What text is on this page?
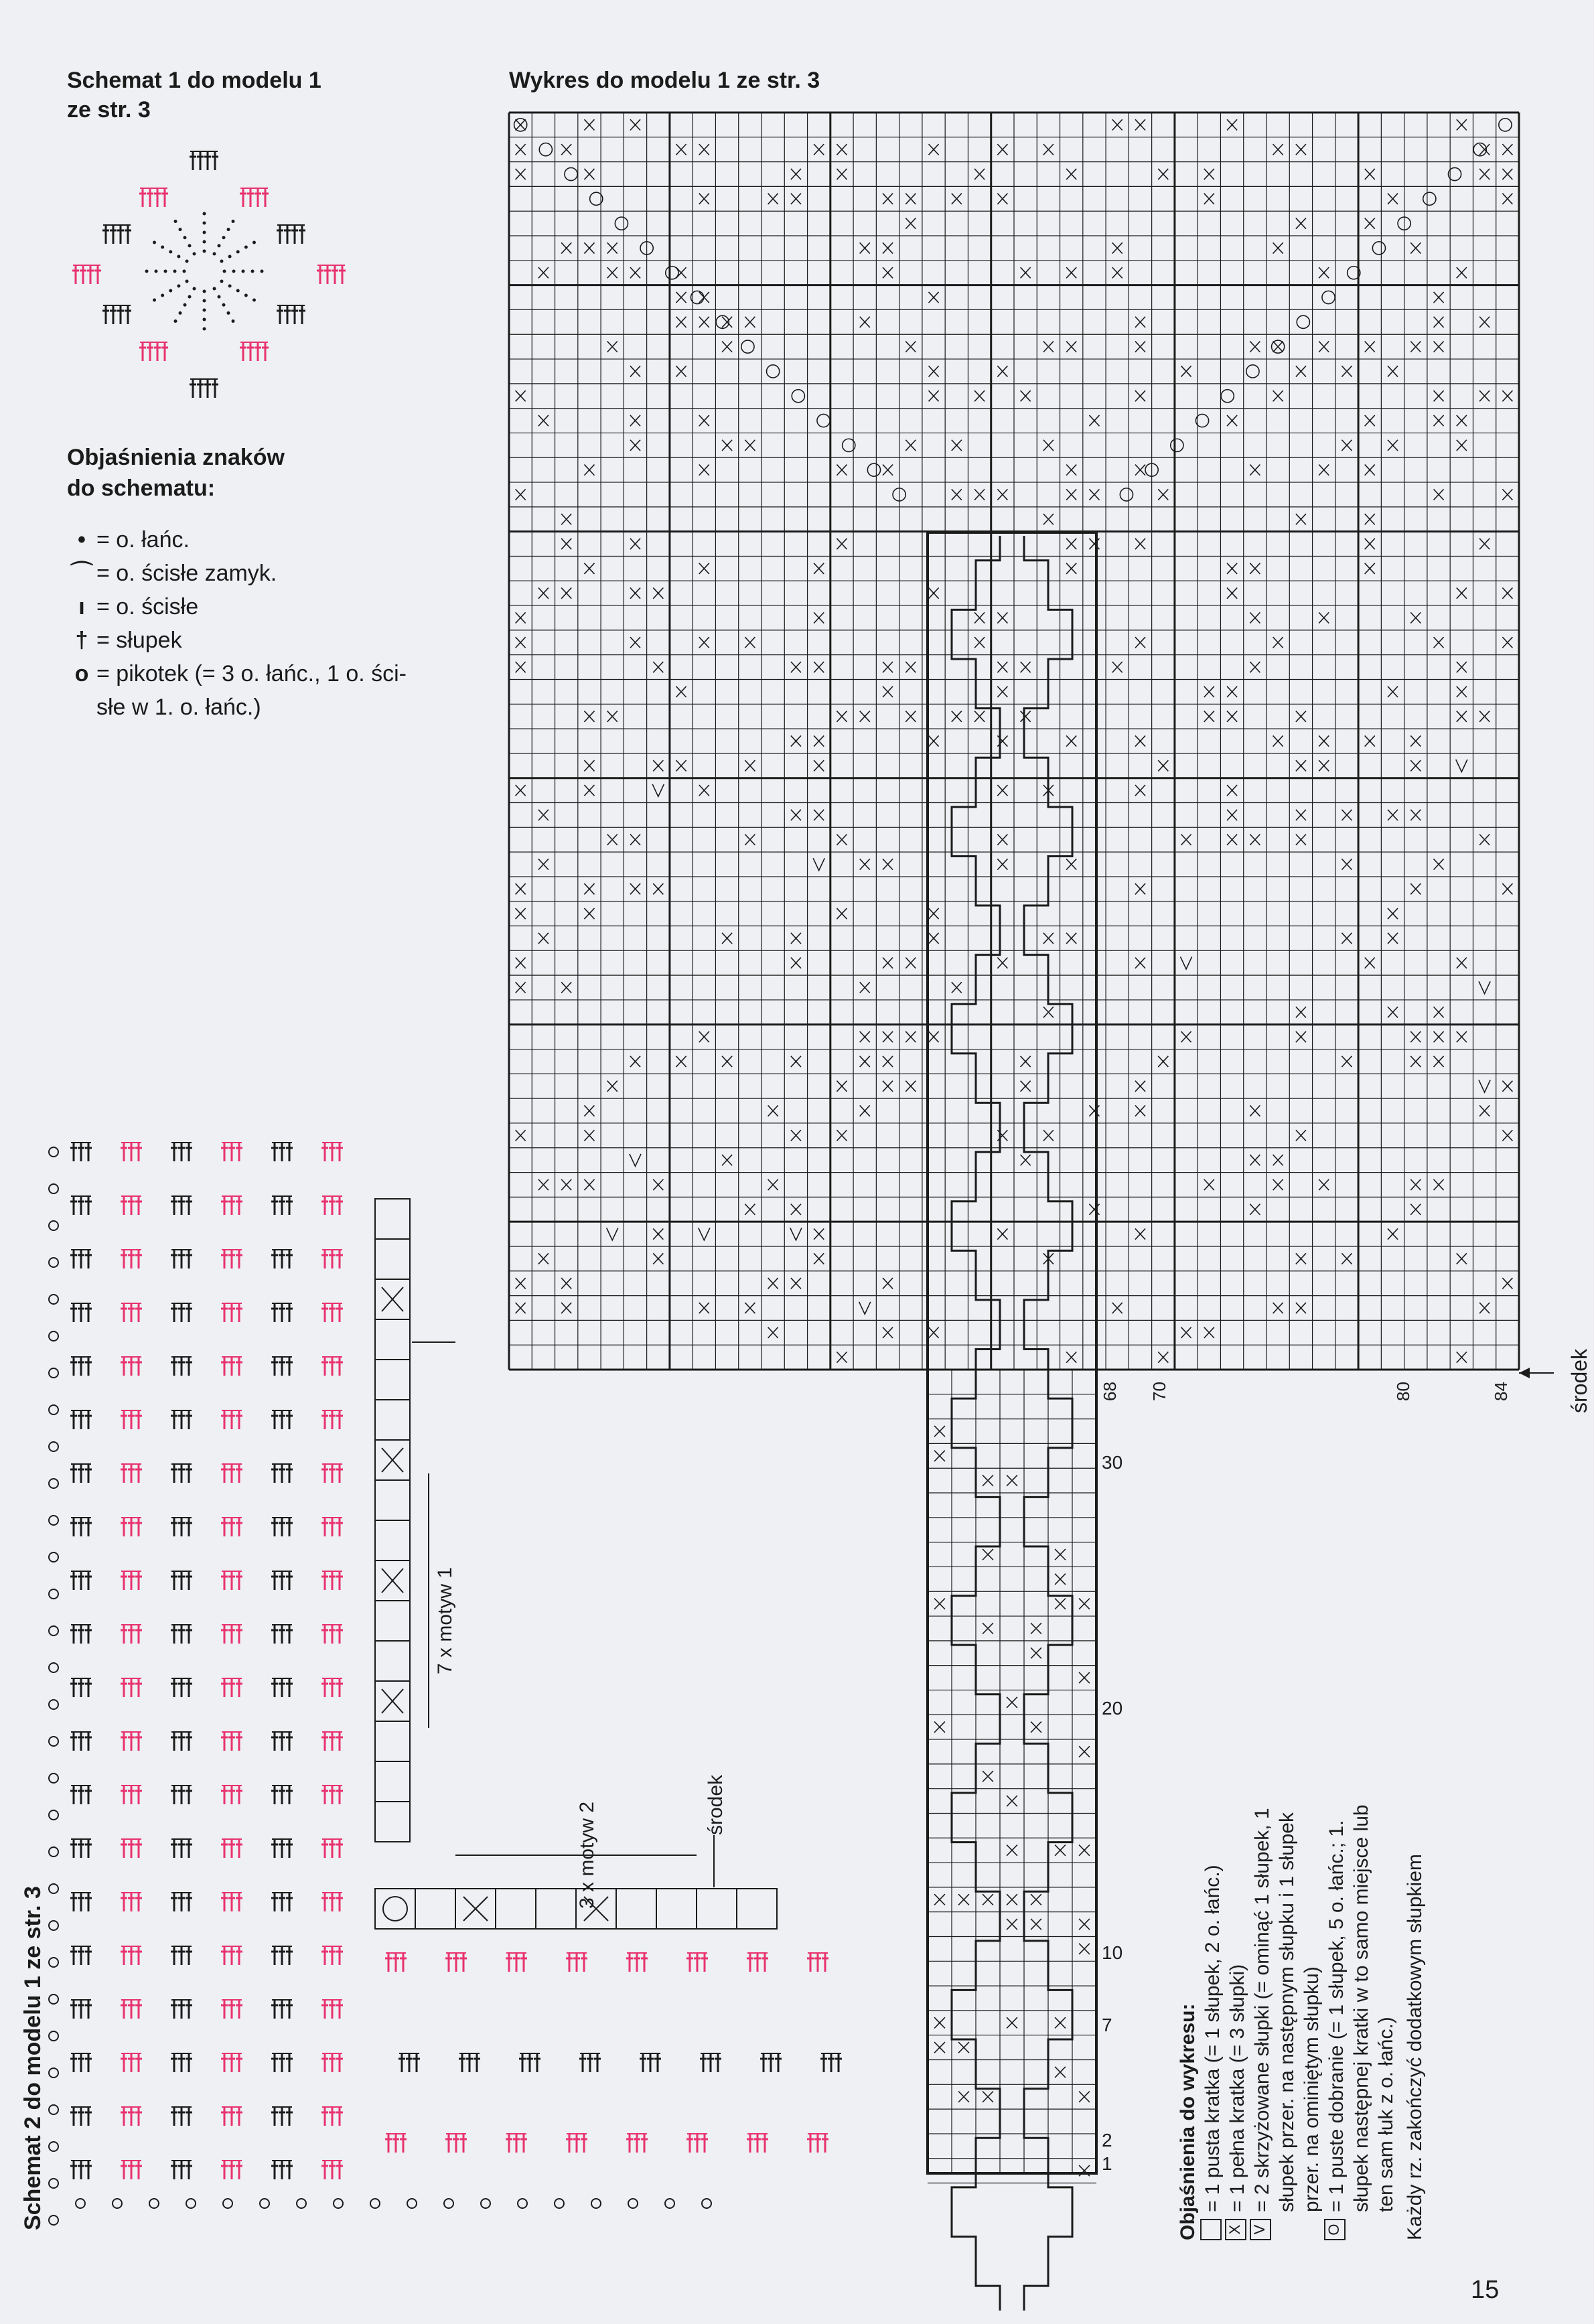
Schemat 1 do modelu 1
ze str. 3
Wykres do modelu 1 ze str. 3
Objaśnienia znaków
do schematu:
• = o. łańc.
⌒ = o. ścisłe zamyk.
ı = o. ścisłe
† = słupek
o = pikotek (= 3 o. łańc., 1 o. ści-
słe w 1. o. łańc.)
Schemat 2 do modelu 1 ze str. 3
7 x motyw 1
3 x motyw 2	środek
środek
1
2
7
10
20
30
68 70	80	84
Objaśnienia do wykresu: = 1 pusta kratka (= 1 słupek, 2 o. łańc.)
X
= 1 pełna kratka (= 3 słupki)
V
= 2 skrzyżowane słupki (= ominąć 1 słupek, 1 słupek przer. na następnym słupku i 1 słupek przer. na ominiętym słupku)
O
= 1 puste dobranie (= 1 słupek, 5 o. łańc.; 1. słupek następnej kratki w to samo miejsce lub ten sam łuk z o. łańc.) Każdy rz. zakończyć dodatkowym słupkiem
15
